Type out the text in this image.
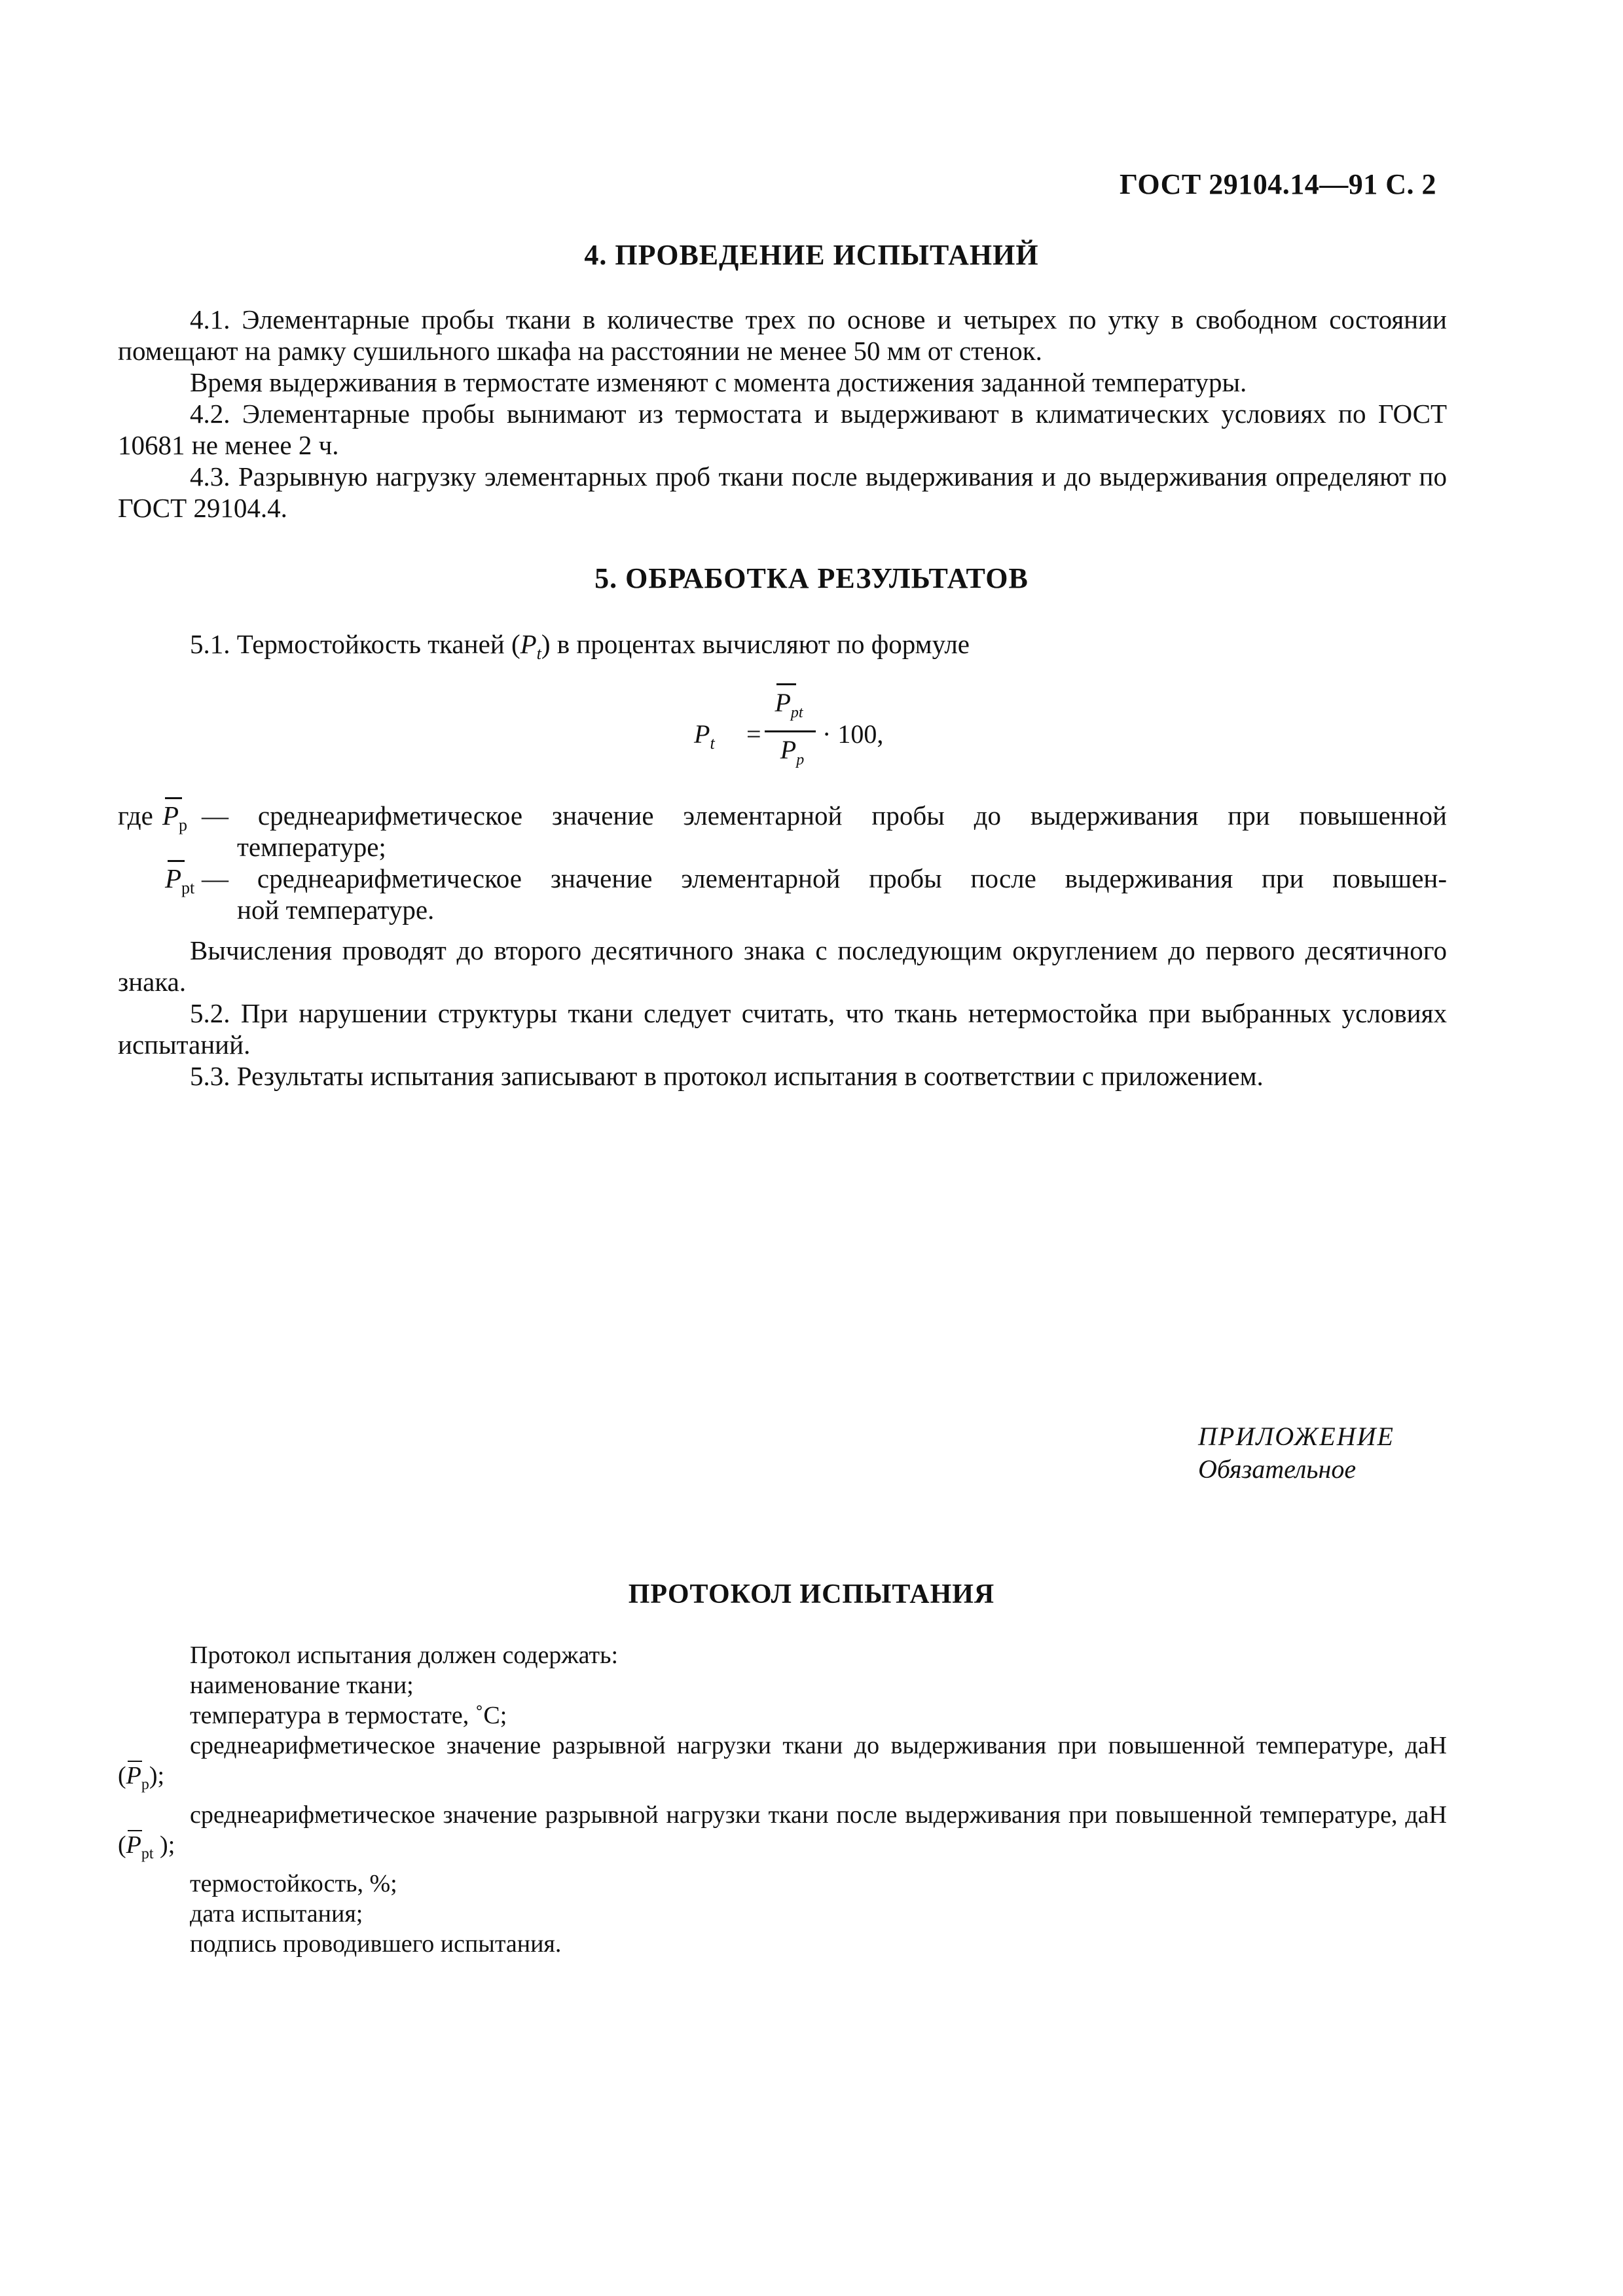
ГОСТ 29104.14—91 С. 2
4. ПРОВЕДЕНИЕ ИСПЫТАНИЙ

4.1. Элементарные пробы ткани в количестве трех по основе и четырех по утку в свободном состоянии помещают на рамку сушильного шкафа на расстоянии не менее 50 мм от стенок.

Время выдерживания в термостате изменяют с момента достижения заданной температуры.

4.2. Элементарные пробы вынимают из термостата и выдерживают в климатических условиях по ГОСТ 10681 не менее 2 ч.

4.3. Разрывную нагрузку элементарных проб ткани после выдерживания и до выдерживания определяют по ГОСТ 29104.4.

5. ОБРАБОТКА РЕЗУЛЬТАТОВ

5.1. Термостойкость тканей $(P_t)$ в процентах вычисляют по формуле

$P_t$ =
$P_{pt}$
$P_р$
· 100,
где $P_р$ — среднеарифметическое значение элементарной пробы до выдерживания при повышенной
температуре;
$P_{pt}$ — среднеарифметическое значение элементарной пробы после выдерживания при повышен-
ной температуре.

Вычисления проводят до второго десятичного знака с последующим округлением до первого десятичного знака.

5.2. При нарушении структуры ткани следует считать, что ткань нетермостойка при выбранных условиях испытаний.

5.3. Результаты испытания записывают в протокол испытания в соответствии с приложением.

ПРИЛОЖЕНИЕ
Обязательное
ПРОТОКОЛ ИСПЫТАНИЯ

Протокол испытания должен содержать:

наименование ткани;

температура в термостате, ˚С;

среднеарифметическое значение разрывной нагрузки ткани до выдерживания при повышенной температуре, даН (
$P_р$);

среднеарифметическое значение разрывной нагрузки ткани после выдерживания при повышенной температуре, даН (
$P_{pt}$ );

термостойкость, %;

дата испытания;

подпись проводившего испытания.
